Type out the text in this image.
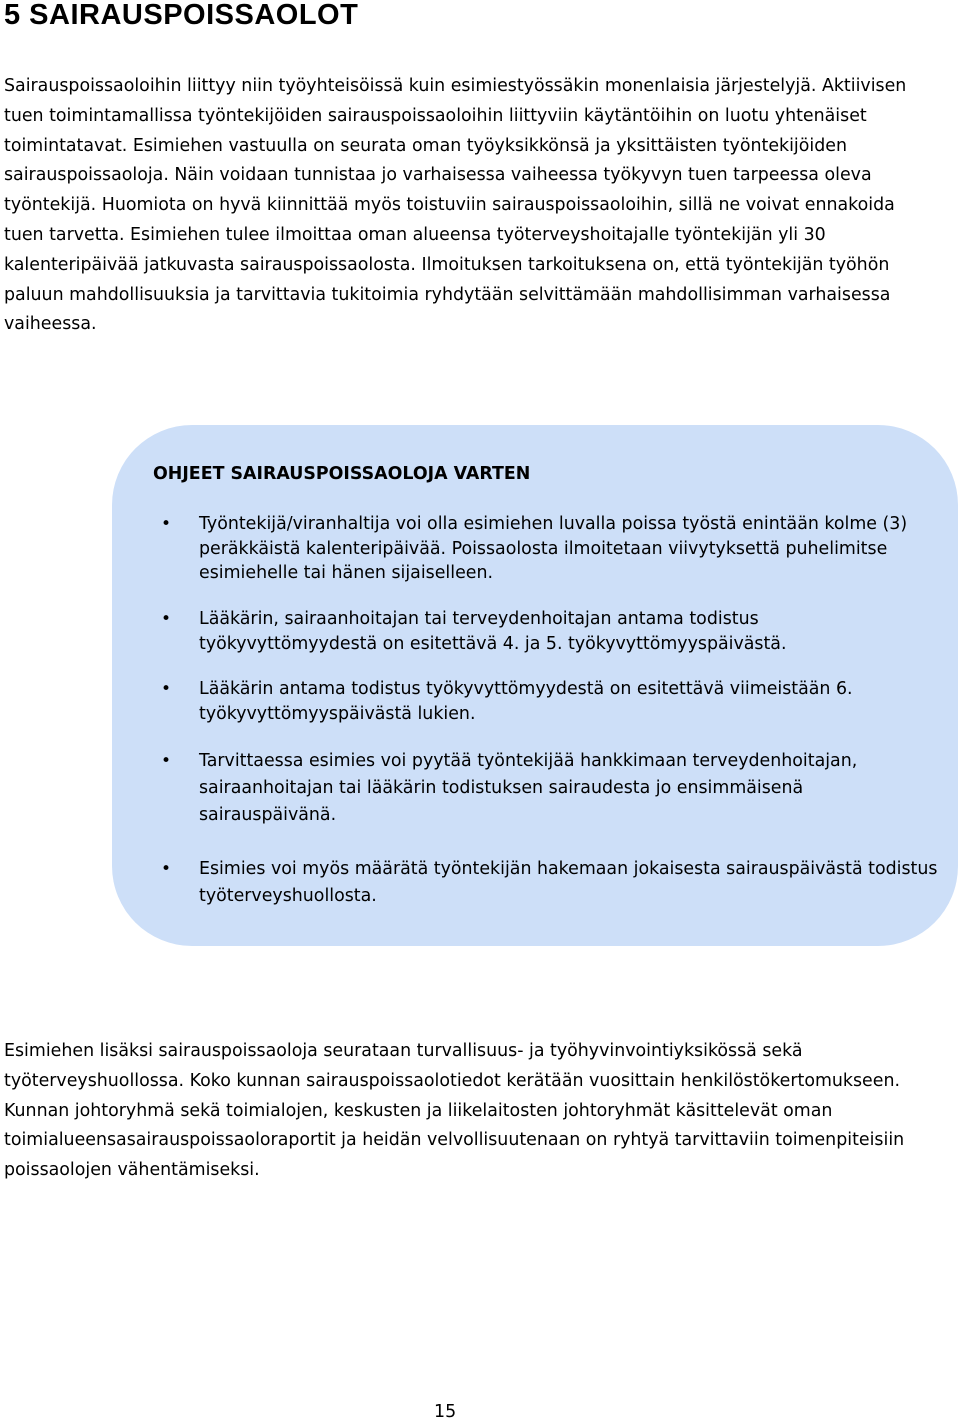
5 SAIRAUSPOISSAOLOT

Sairauspoissaoloihin liittyy niin työyhteisöissä kuin esimiestyössäkin monenlaisia järjestelyjä. Aktiivisen tuen toimintamallissa työntekijöiden sairauspoissaoloihin liittyviin käytäntöihin on luotu yhtenäiset toimintatavat. Esimiehen vastuulla on seurata oman työyksikkönsä ja yksittäisten työntekijöiden sairauspoissaoloja. Näin voidaan tunnistaa jo varhaisessa vaiheessa työkyvyn tuen tarpeessa oleva työntekijä. Huomiota on hyvä kiinnittää myös toistuviin sairauspoissaoloihin, sillä ne voivat ennakoida tuen tarvetta. Esimiehen tulee ilmoittaa oman alueensa työterveyshoitajalle työntekijän yli 30 kalenteripäivää jatkuvasta sairauspoissaolosta. Ilmoituksen tarkoituksena on, että työntekijän työhön paluun mahdollisuuksia ja tarvittavia tukitoimia ryhdytään selvittämään mahdollisimman varhaisessa vaiheessa.

OHJEET SAIRAUSPOISSAOLOJA VARTEN
• Työntekijä/viranhaltija voi olla esimiehen luvalla poissa työstä enintään kolme (3) peräkkäistä kalenteripäivää. Poissaolosta ilmoitetaan viivytyksettä puhelimitse esimiehelle tai hänen sijaiselleen.
• Lääkärin, sairaanhoitajan tai terveydenhoitajan antama todistus työkyvyttömyydestä on esitettävä 4. ja 5. työkyvyttömyyspäivästä.
• Lääkärin antama todistus työkyvyttömyydestä on esitettävä viimeistään 6. työkyvyttömyyspäivästä lukien.
• Tarvittaessa esimies voi pyytää työntekijää hankkimaan terveydenhoitajan, sairaanhoitajan tai lääkärin todistuksen sairaudesta jo ensimmäisenä sairauspäivänä.
• Esimies voi myös määrätä työntekijän hakemaan jokaisesta sairauspäivästä todistus työterveyshuollosta.

Esimiehen lisäksi sairauspoissaoloja seurataan turvallisuus- ja työhyvinvointiyksikössä sekä työterveyshuollossa. Koko kunnan sairauspoissaolotiedot kerätään vuosittain henkilöstökertomukseen. Kunnan johtoryhmä sekä toimialojen, keskusten ja liikelaitosten johtoryhmät käsittelevät oman toimialueensasairauspoissaoloraportit ja heidän velvollisuutenaan on ryhtyä tarvittaviin toimenpiteisiin poissaolojen vähentämiseksi.

15
